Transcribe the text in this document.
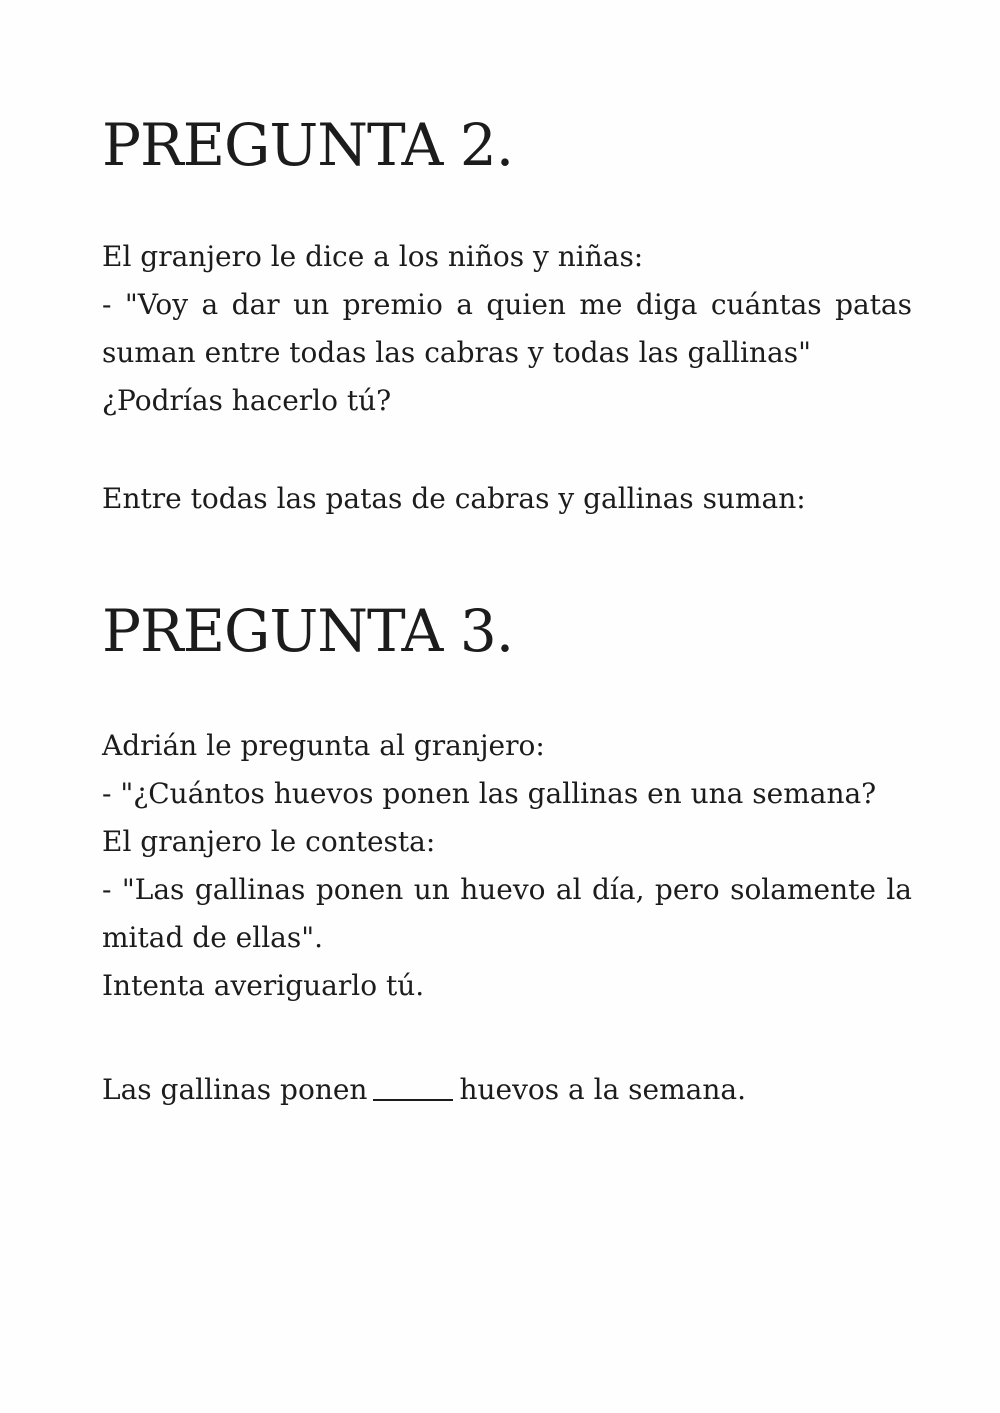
PREGUNTA 2.

El granjero le dice a los niños y niñas:
- "Voy a dar un premio a quien me diga cuántas patas
suman entre todas las cabras y todas las gallinas"
¿Podrías hacerlo tú?

Entre todas las patas de cabras y gallinas suman:

PREGUNTA 3.

Adrián le pregunta al granjero:
- "¿Cuántos huevos ponen las gallinas en una semana?
El granjero le contesta:
- "Las gallinas ponen un huevo al día, pero solamente la
mitad de ellas".
Intenta averiguarlo tú.

Las gallinas ponen	huevos a la semana.
